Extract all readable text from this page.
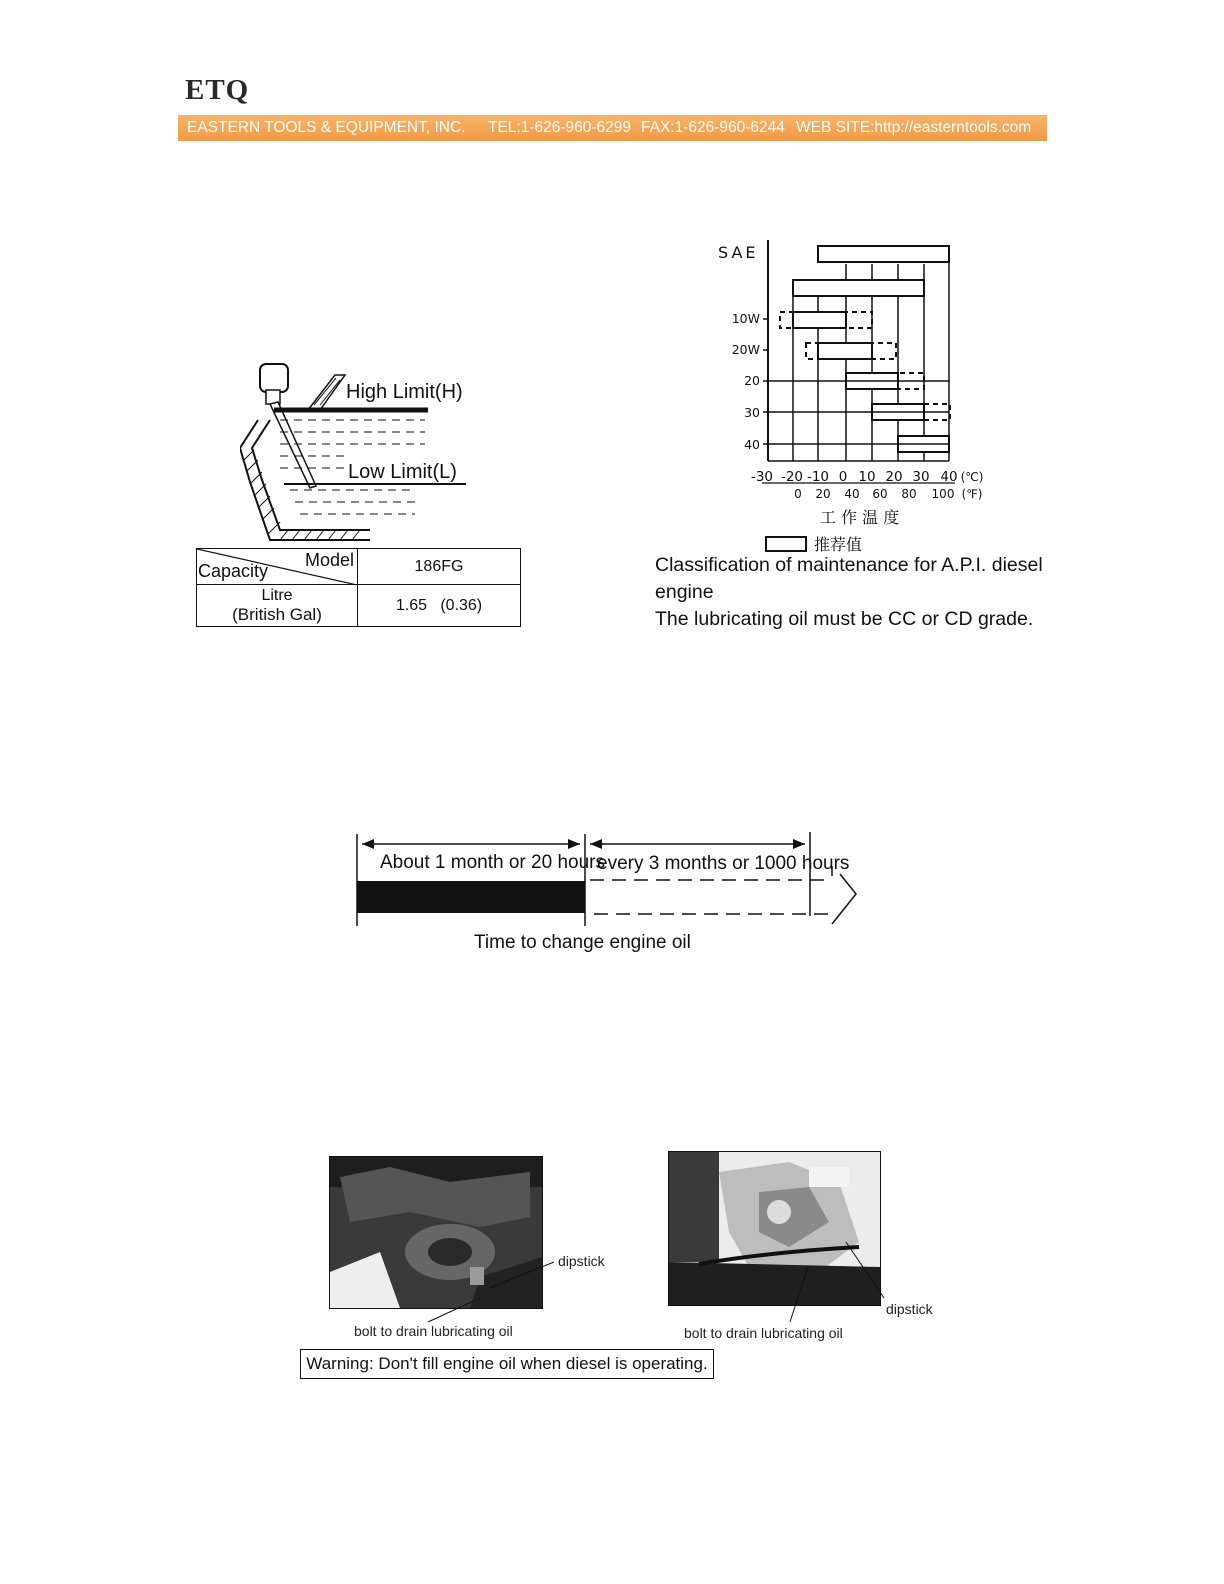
ETQ
EASTERN TOOLS & EQUIPMENT, INC. TEL:1-626-960-6299 FAX:1-626-960-6244 WEB SITE:http://easterntools.com
High Limit(H)
Low Limit(L)
Model
Capacity	186FG

Litre
(British Gal)	1.65   (0.36)
SAE
10W
20W
20
30
40
-30 -20 -10 0 10 20 30 40 (℃)
0 20 40 60 80 100 (℉)
工 作 温 度
推荐值
Classification of maintenance for A.P.I. diesel
engine
The lubricating oil must be CC or CD grade.
About 1 month or 20 hours
every 3 months or 1000 hours
Time to change engine oil
dipstick
bolt to drain lubricating oil
dipstick
bolt to drain lubricating oil
Warning: Don't fill engine oil when diesel is operating.
